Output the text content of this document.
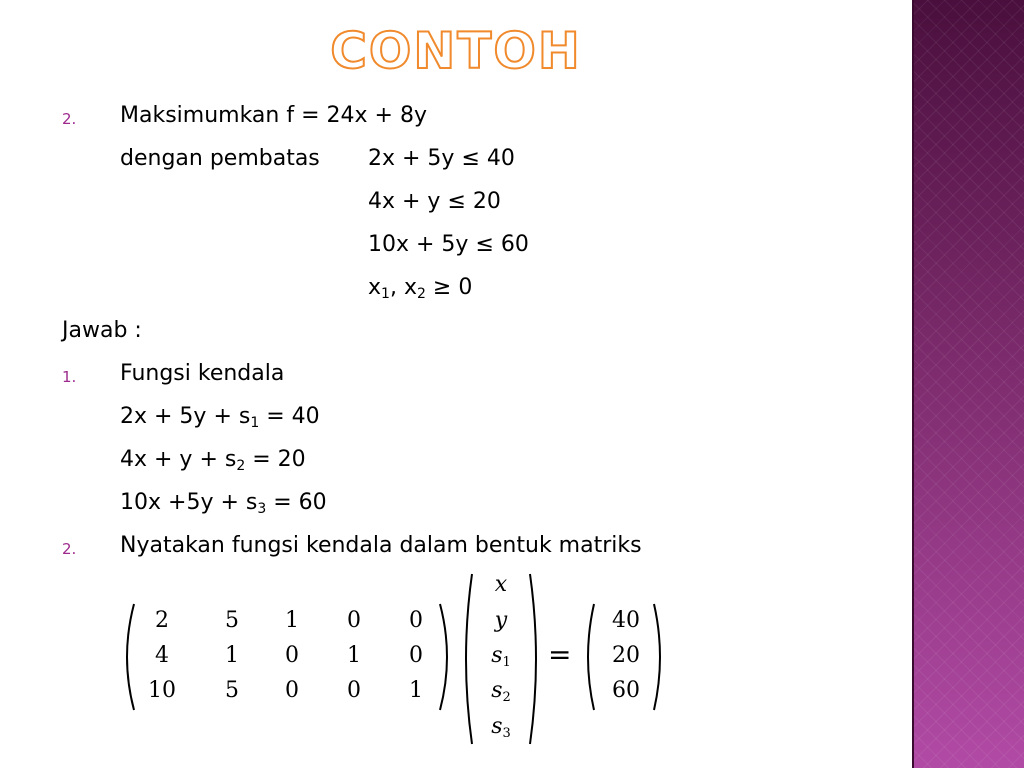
CONTOH
2. Maksimumkan f = 24x + 8y
dengan pembatas 2x + 5y ≤ 40
4x + y ≤ 20
10x + 5y ≤ 60
$x_1$, $x_2 \ge 0$
Jawab :
1. Fungsi kendala
$2x + 5y + s_1 = 40$
$4x + y + s_2 = 20$
$10x +5y + s_3 = 60$
2. Nyatakan fungsi kendala dalam bentuk matriks
2	5	1	0	0
4	1	0	1	0
10	5	0	0	1
x
y
$s_1$
$s_2$
$s_3$
=
40
20
60
